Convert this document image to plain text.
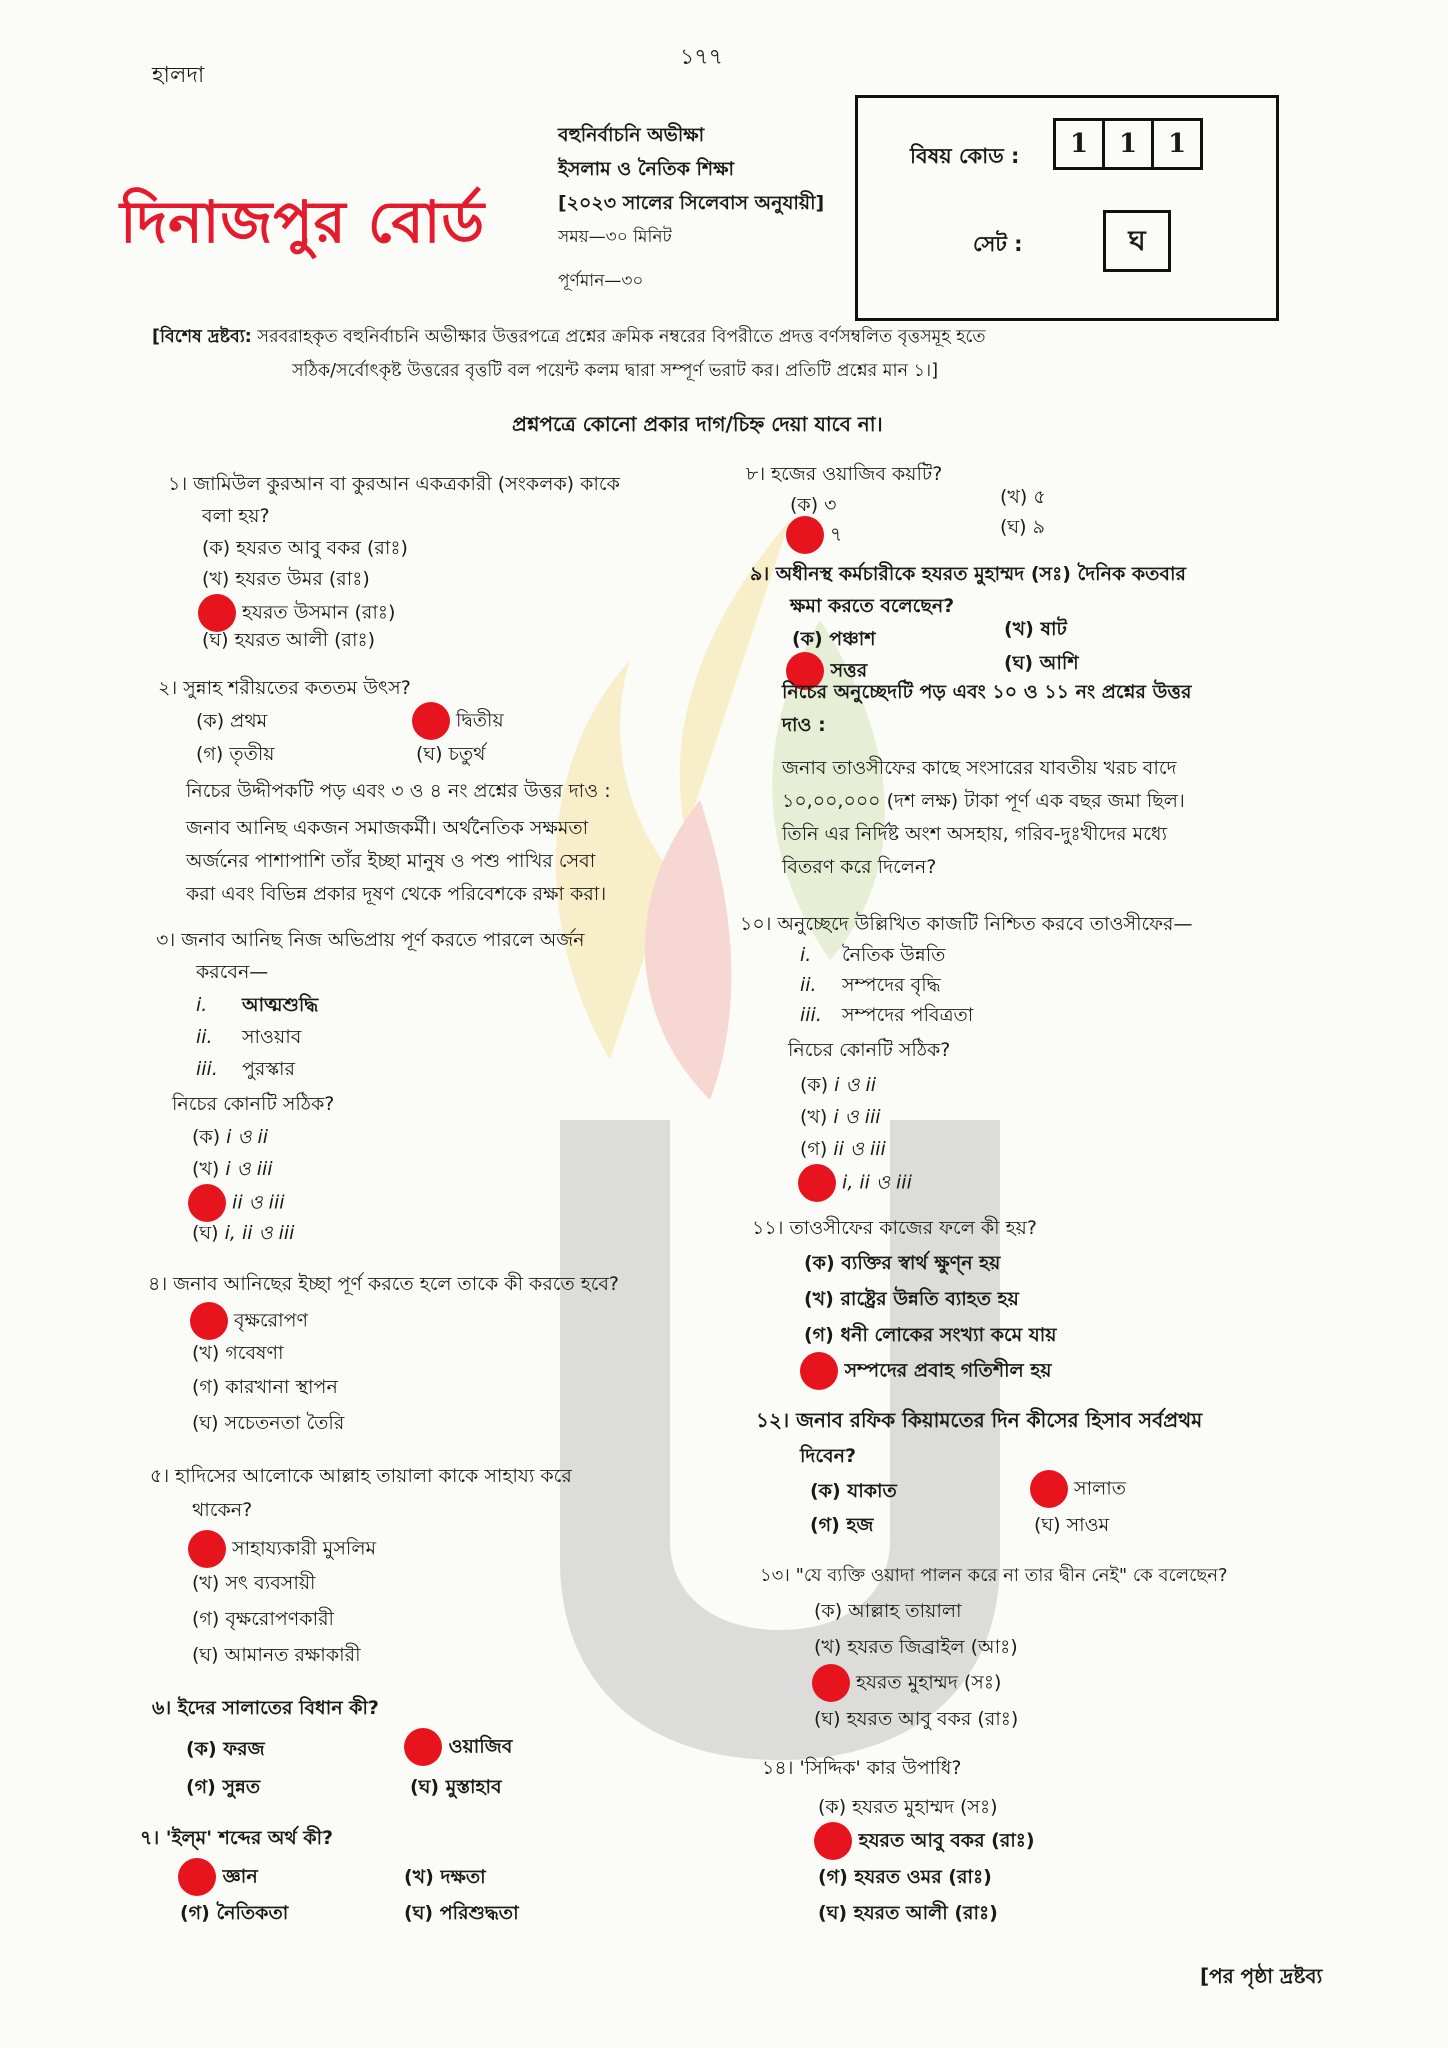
হালদা
১৭৭
দিনাজপুর বোর্ড
বহুনির্বাচনি অভীক্ষা
ইসলাম ও নৈতিক শিক্ষা
[২০২৩ সালের সিলেবাস অনুযায়ী]
সময়—৩০ মিনিট
পূর্ণমান—৩০
বিষয় কোড :	1 1 1
সেট :	ঘ
[বিশেষ দ্রষ্টব্য: সরবরাহকৃত বহুনির্বাচনি অভীক্ষার উত্তরপত্রে প্রশ্নের ক্রমিক নম্বরের বিপরীতে প্রদত্ত বর্ণসম্বলিত বৃত্তসমূহ হতে
সঠিক/সর্বোৎকৃষ্ট উত্তরের বৃত্তটি বল পয়েন্ট কলম দ্বারা সম্পূর্ণ ভরাট কর। প্রতিটি প্রশ্নের মান ১।]
প্রশ্নপত্রে কোনো প্রকার দাগ/চিহ্ন দেয়া যাবে না।
১। জামিউল কুরআন বা কুরআন একত্রকারী (সংকলক) কাকে
বলা হয়?
(ক) হযরত আবু বকর (রাঃ)
(খ) হযরত উমর (রাঃ)
হযরত উসমান (রাঃ)
(ঘ) হযরত আলী (রাঃ)
২। সুন্নাহ শরীয়তের কততম উৎস?
(ক) প্রথম	দ্বিতীয়
(গ) তৃতীয়	(ঘ) চতুর্থ
নিচের উদ্দীপকটি পড় এবং ৩ ও ৪ নং প্রশ্নের উত্তর দাও :
জনাব আনিছ একজন সমাজকর্মী। অর্থনৈতিক সক্ষমতা
অর্জনের পাশাপাশি তাঁর ইচ্ছা মানুষ ও পশু পাখির সেবা
করা এবং বিভিন্ন প্রকার দূষণ থেকে পরিবেশকে রক্ষা করা।
৩। জনাব আনিছ নিজ অভিপ্রায় পূর্ণ করতে পারলে অর্জন
করবেন—
i. আত্মশুদ্ধি
ii. সাওয়াব
iii. পুরস্কার
নিচের কোনটি সঠিক?
(ক) i ও ii
(খ) i ও iii
ii ও iii
(ঘ) i, ii ও iii
৪। জনাব আনিছের ইচ্ছা পূর্ণ করতে হলে তাকে কী করতে হবে?
বৃক্ষরোপণ
(খ) গবেষণা
(গ) কারখানা স্থাপন
(ঘ) সচেতনতা তৈরি
৫। হাদিসের আলোকে আল্লাহ তায়ালা কাকে সাহায্য করে
থাকেন?
সাহায্যকারী মুসলিম
(খ) সৎ ব্যবসায়ী
(গ) বৃক্ষরোপণকারী
(ঘ) আমানত রক্ষাকারী
৬। ইদের সালাতের বিধান কী?
(ক) ফরজ	ওয়াজিব
(গ) সুন্নত	(ঘ) মুস্তাহাব
৭। 'ইল্‌ম' শব্দের অর্থ কী?
জ্ঞান	(খ) দক্ষতা
(গ) নৈতিকতা	(ঘ) পরিশুদ্ধতা
৮। হজের ওয়াজিব কয়টি?
(ক) ৩	(খ) ৫
৭	(ঘ) ৯
৯। অধীনস্থ কর্মচারীকে হযরত মুহাম্মদ (সঃ) দৈনিক কতবার
ক্ষমা করতে বলেছেন?
(ক) পঞ্চাশ	(খ) ষাট
সত্তর	(ঘ) আশি
নিচের অনুচ্ছেদটি পড় এবং ১০ ও ১১ নং প্রশ্নের উত্তর
দাও :
জনাব তাওসীফের কাছে সংসারের যাবতীয় খরচ বাদে
১০,০০,০০০ (দশ লক্ষ) টাকা পূর্ণ এক বছর জমা ছিল।
তিনি এর নির্দিষ্ট অংশ অসহায়, গরিব-দুঃখীদের মধ্যে
বিতরণ করে দিলেন?
১০। অনুচ্ছেদে উল্লিখিত কাজটি নিশ্চিত করবে তাওসীফের—
i. নৈতিক উন্নতি
ii. সম্পদের বৃদ্ধি
iii. সম্পদের পবিত্রতা
নিচের কোনটি সঠিক?
(ক) i ও ii
(খ) i ও iii
(গ) ii ও iii
i, ii ও iii
১১। তাওসীফের কাজের ফলে কী হয়?
(ক) ব্যক্তির স্বার্থ ক্ষুণ্ন হয়
(খ) রাষ্ট্রের উন্নতি ব্যাহত হয়
(গ) ধনী লোকের সংখ্যা কমে যায়
সম্পদের প্রবাহ গতিশীল হয়
১২। জনাব রফিক কিয়ামতের দিন কীসের হিসাব সর্বপ্রথম
দিবেন?
(ক) যাকাত	সালাত
(গ) হজ	(ঘ) সাওম
১৩। "যে ব্যক্তি ওয়াদা পালন করে না তার দ্বীন নেই" কে বলেছেন?
(ক) আল্লাহ তায়ালা
(খ) হযরত জিব্রাইল (আঃ)
হযরত মুহাম্মদ (সঃ)
(ঘ) হযরত আবু বকর (রাঃ)
১৪। 'সিদ্দিক' কার উপাধি?
(ক) হযরত মুহাম্মদ (সঃ)
হযরত আবু বকর (রাঃ)
(গ) হযরত ওমর (রাঃ)
(ঘ) হযরত আলী (রাঃ)
[পর পৃষ্ঠা দ্রষ্টব্য
